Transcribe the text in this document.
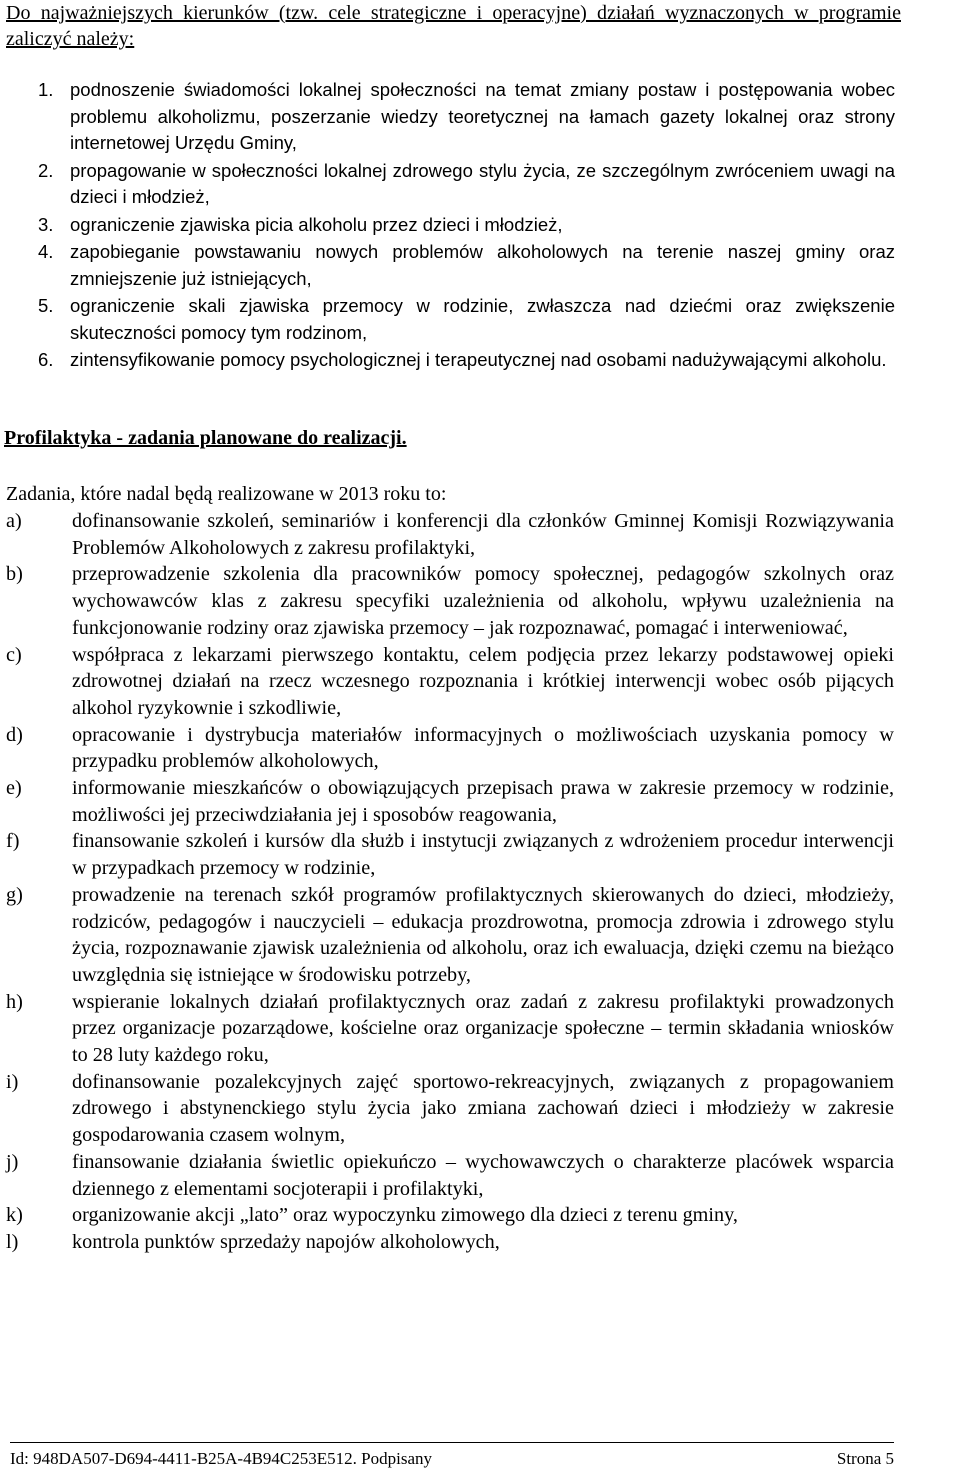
Do najważniejszych kierunków (tzw. cele strategiczne i operacyjne) działań wyznaczonych w programie zaliczyć należy:

1. podnoszenie świadomości lokalnej społeczności na temat zmiany postaw i postępowania wobec problemu alkoholizmu, poszerzanie wiedzy teoretycznej na łamach gazety lokalnej oraz strony internetowej Urzędu Gminy,
2. propagowanie w społeczności lokalnej zdrowego stylu życia, ze szczególnym zwróceniem uwagi na dzieci i młodzież,
3. ograniczenie zjawiska picia alkoholu przez dzieci i młodzież,
4. zapobieganie powstawaniu nowych problemów alkoholowych na terenie naszej gminy oraz zmniejszenie już istniejących,
5. ograniczenie skali zjawiska przemocy w rodzinie, zwłaszcza nad dziećmi oraz zwiększenie skuteczności pomocy tym rodzinom,
6. zintensyfikowanie pomocy psychologicznej i terapeutycznej nad osobami nadużywającymi alkoholu.
Profilaktyka - zadania planowane do realizacji.
Zadania, które nadal będą realizowane w 2013 roku to:
a)	dofinansowanie szkoleń, seminariów i konferencji dla członków Gminnej Komisji Rozwiązywania Problemów Alkoholowych z zakresu profilaktyki,
b)	przeprowadzenie szkolenia dla pracowników pomocy społecznej, pedagogów szkolnych oraz wychowawców klas z zakresu specyfiki uzależnienia od alkoholu, wpływu uzależnienia na funkcjonowanie rodziny oraz zjawiska przemocy – jak rozpoznawać, pomagać i interweniować,
c)	współpraca z lekarzami pierwszego kontaktu, celem podjęcia przez lekarzy podstawowej opieki zdrowotnej działań na rzecz wczesnego rozpoznania i krótkiej interwencji wobec osób pijących alkohol ryzykownie i szkodliwie,
d)	opracowanie i dystrybucja materiałów informacyjnych o możliwościach uzyskania pomocy w przypadku problemów alkoholowych,
e)	informowanie mieszkańców o obowiązujących przepisach prawa w zakresie przemocy w rodzinie, możliwości jej przeciwdziałania jej i sposobów reagowania,
f)	finansowanie szkoleń i kursów dla służb i instytucji związanych z wdrożeniem procedur interwencji w przypadkach przemocy w rodzinie,
g)	prowadzenie na terenach szkół programów profilaktycznych skierowanych do dzieci, młodzieży, rodziców, pedagogów i nauczycieli – edukacja prozdrowotna, promocja zdrowia i zdrowego stylu życia, rozpoznawanie zjawisk uzależnienia od alkoholu, oraz ich ewaluacja, dzięki czemu na bieżąco uwzględnia się istniejące w środowisku potrzeby,
h)	wspieranie lokalnych działań profilaktycznych oraz zadań z zakresu profilaktyki prowadzonych przez organizacje pozarządowe, kościelne oraz organizacje społeczne – termin składania wniosków to 28 luty każdego roku,
i)	dofinansowanie pozalekcyjnych zajęć sportowo-rekreacyjnych, związanych z propagowaniem zdrowego i abstynenckiego stylu życia jako zmiana zachowań dzieci i młodzieży w zakresie gospodarowania czasem wolnym,
j)	finansowanie działania świetlic opiekuńczo – wychowawczych o charakterze placówek wsparcia dziennego z elementami socjoterapii i profilaktyki,
k)	organizowanie akcji „lato” oraz wypoczynku zimowego dla dzieci z terenu gminy,
l)	kontrola punktów sprzedaży napojów alkoholowych,
Id: 948DA507-D694-4411-B25A-4B94C253E512. Podpisany	Strona 5
